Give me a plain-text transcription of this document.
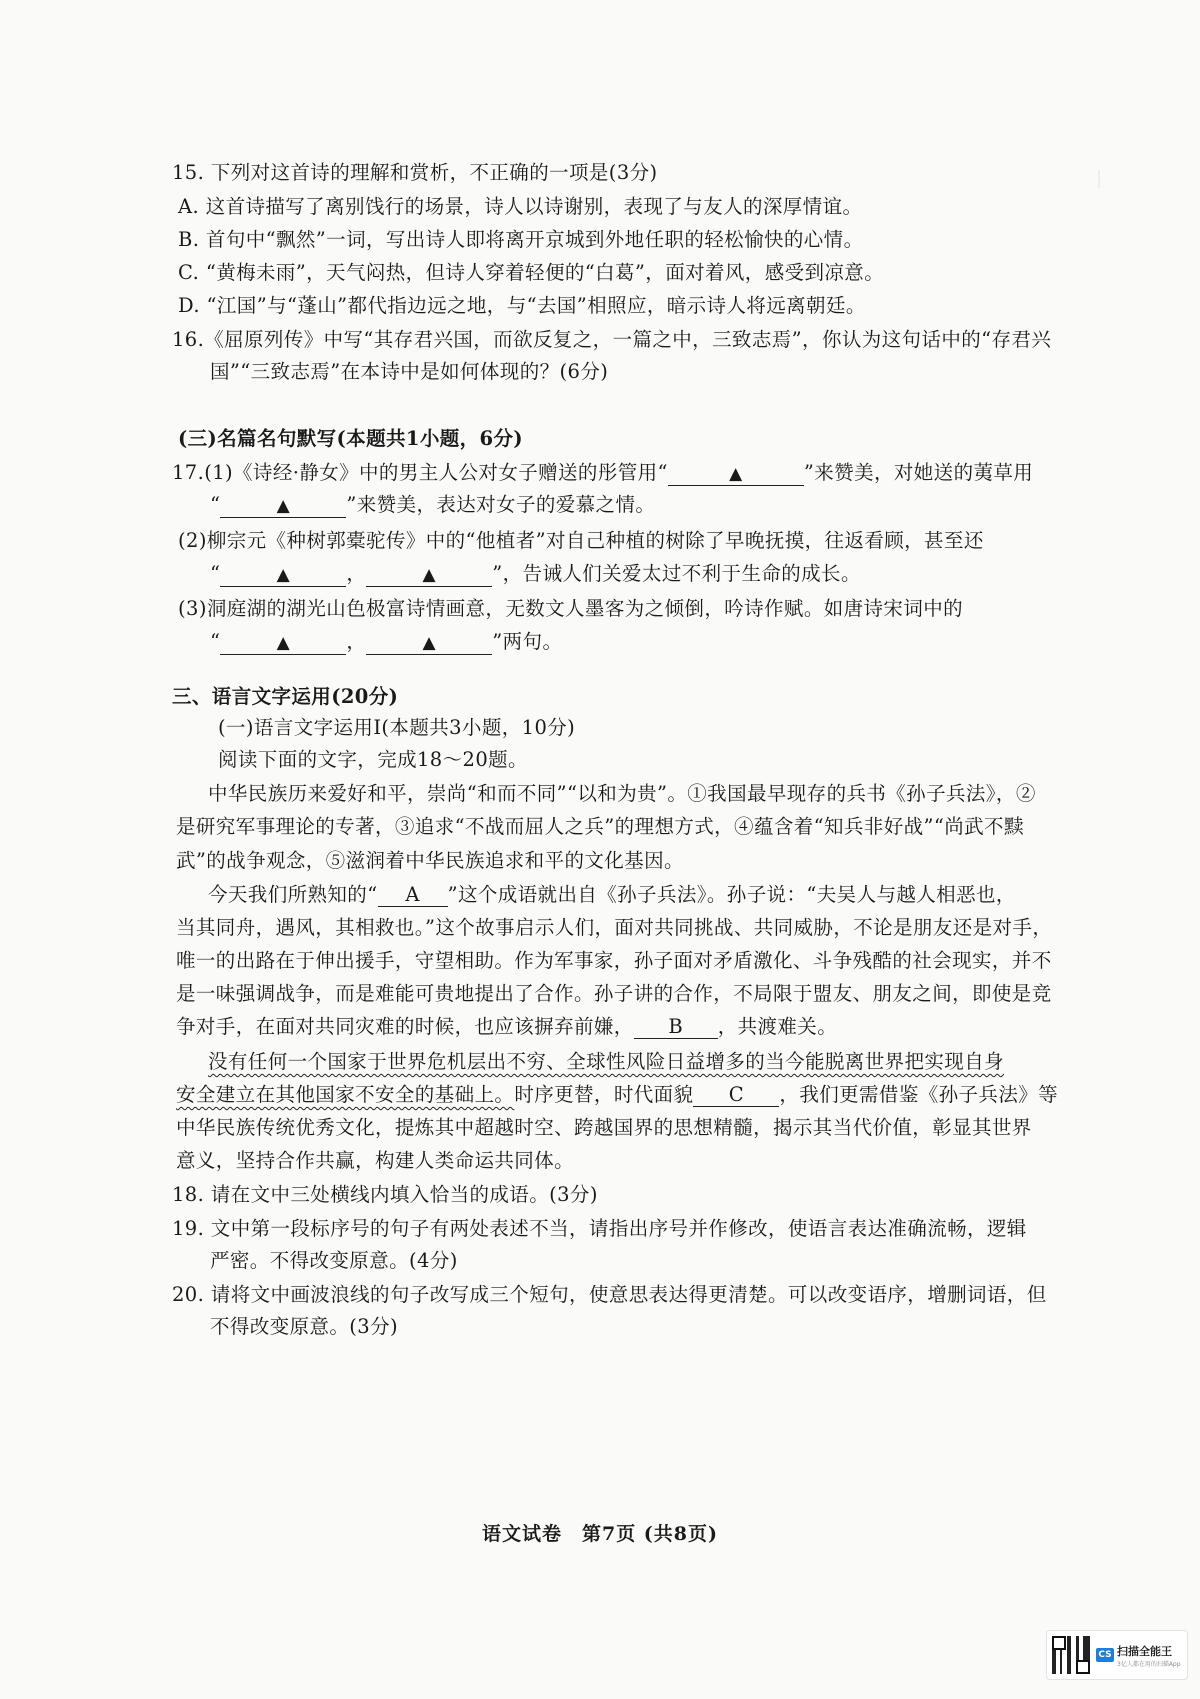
｜
15. 下列对这首诗的理解和赏析，不正确的一项是(3分)
A. 这首诗描写了离别饯行的场景，诗人以诗谢别，表现了与友人的深厚情谊。
B. 首句中“飘然”一词，写出诗人即将离开京城到外地任职的轻松愉快的心情。
C. “黄梅未雨”，天气闷热，但诗人穿着轻便的“白葛”，面对着风，感受到凉意。
D. “江国”与“蓬山”都代指边远之地，与“去国”相照应，暗示诗人将远离朝廷。
16.《屈原列传》中写“其存君兴国，而欲反复之，一篇之中，三致志焉”，你认为这句话中的“存君兴
国”“三致志焉”在本诗中是如何体现的？(6分)
(三)名篇名句默写(本题共1小题，6分)
17.(1)《诗经·静女》中的男主人公对女子赠送的彤管用“	▲	”来赞美，对她送的荑草用
“	▲	”来赞美，表达对女子的爱慕之情。
(2)柳宗元《种树郭橐驼传》中的“他植者”对自己种植的树除了早晚抚摸，往返看顾，甚至还
“	▲	，	▲	”，告诫人们关爱太过不利于生命的成长。
(3)洞庭湖的湖光山色极富诗情画意，无数文人墨客为之倾倒，吟诗作赋。如唐诗宋词中的
“	▲	，	▲	”两句。
三、语言文字运用(20分)
(一)语言文字运用Ⅰ(本题共3小题，10分)
阅读下面的文字，完成18～20题。
中华民族历来爱好和平，崇尚“和而不同”“以和为贵”。①我国最早现存的兵书《孙子兵法》，②
是研究军事理论的专著，③追求“不战而屈人之兵”的理想方式，④蕴含着“知兵非好战”“尚武不黩
武”的战争观念，⑤滋润着中华民族追求和平的文化基因。
今天我们所熟知的“ A ”这个成语就出自《孙子兵法》。孙子说：“夫吴人与越人相恶也，
当其同舟，遇风，其相救也。”这个故事启示人们，面对共同挑战、共同威胁，不论是朋友还是对手，
唯一的出路在于伸出援手，守望相助。作为军事家，孙子面对矛盾激化、斗争残酷的社会现实，并不
是一味强调战争，而是难能可贵地提出了合作。孙子讲的合作，不局限于盟友、朋友之间，即使是竞
争对手，在面对共同灾难的时候，也应该摒弃前嫌， B ，共渡难关。
没有任何一个国家于世界危机层出不穷、全球性风险日益增多的当今能脱离世界把实现自身
安全建立在其他国家不安全的基础上。时序更替，时代面貌 C ，我们更需借鉴《孙子兵法》等
中华民族传统优秀文化，提炼其中超越时空、跨越国界的思想精髓，揭示其当代价值，彰显其世界
意义，坚持合作共赢，构建人类命运共同体。
18. 请在文中三处横线内填入恰当的成语。(3分)
19. 文中第一段标序号的句子有两处表述不当，请指出序号并作修改，使语言表达准确流畅，逻辑
严密。不得改变原意。(4分)
20. 请将文中画波浪线的句子改写成三个短句，使意思表达得更清楚。可以改变语序，增删词语，但
不得改变原意。(3分)
语文试卷　第7页 (共8页)
CS 扫描全能王
3亿人都在用的扫描App
